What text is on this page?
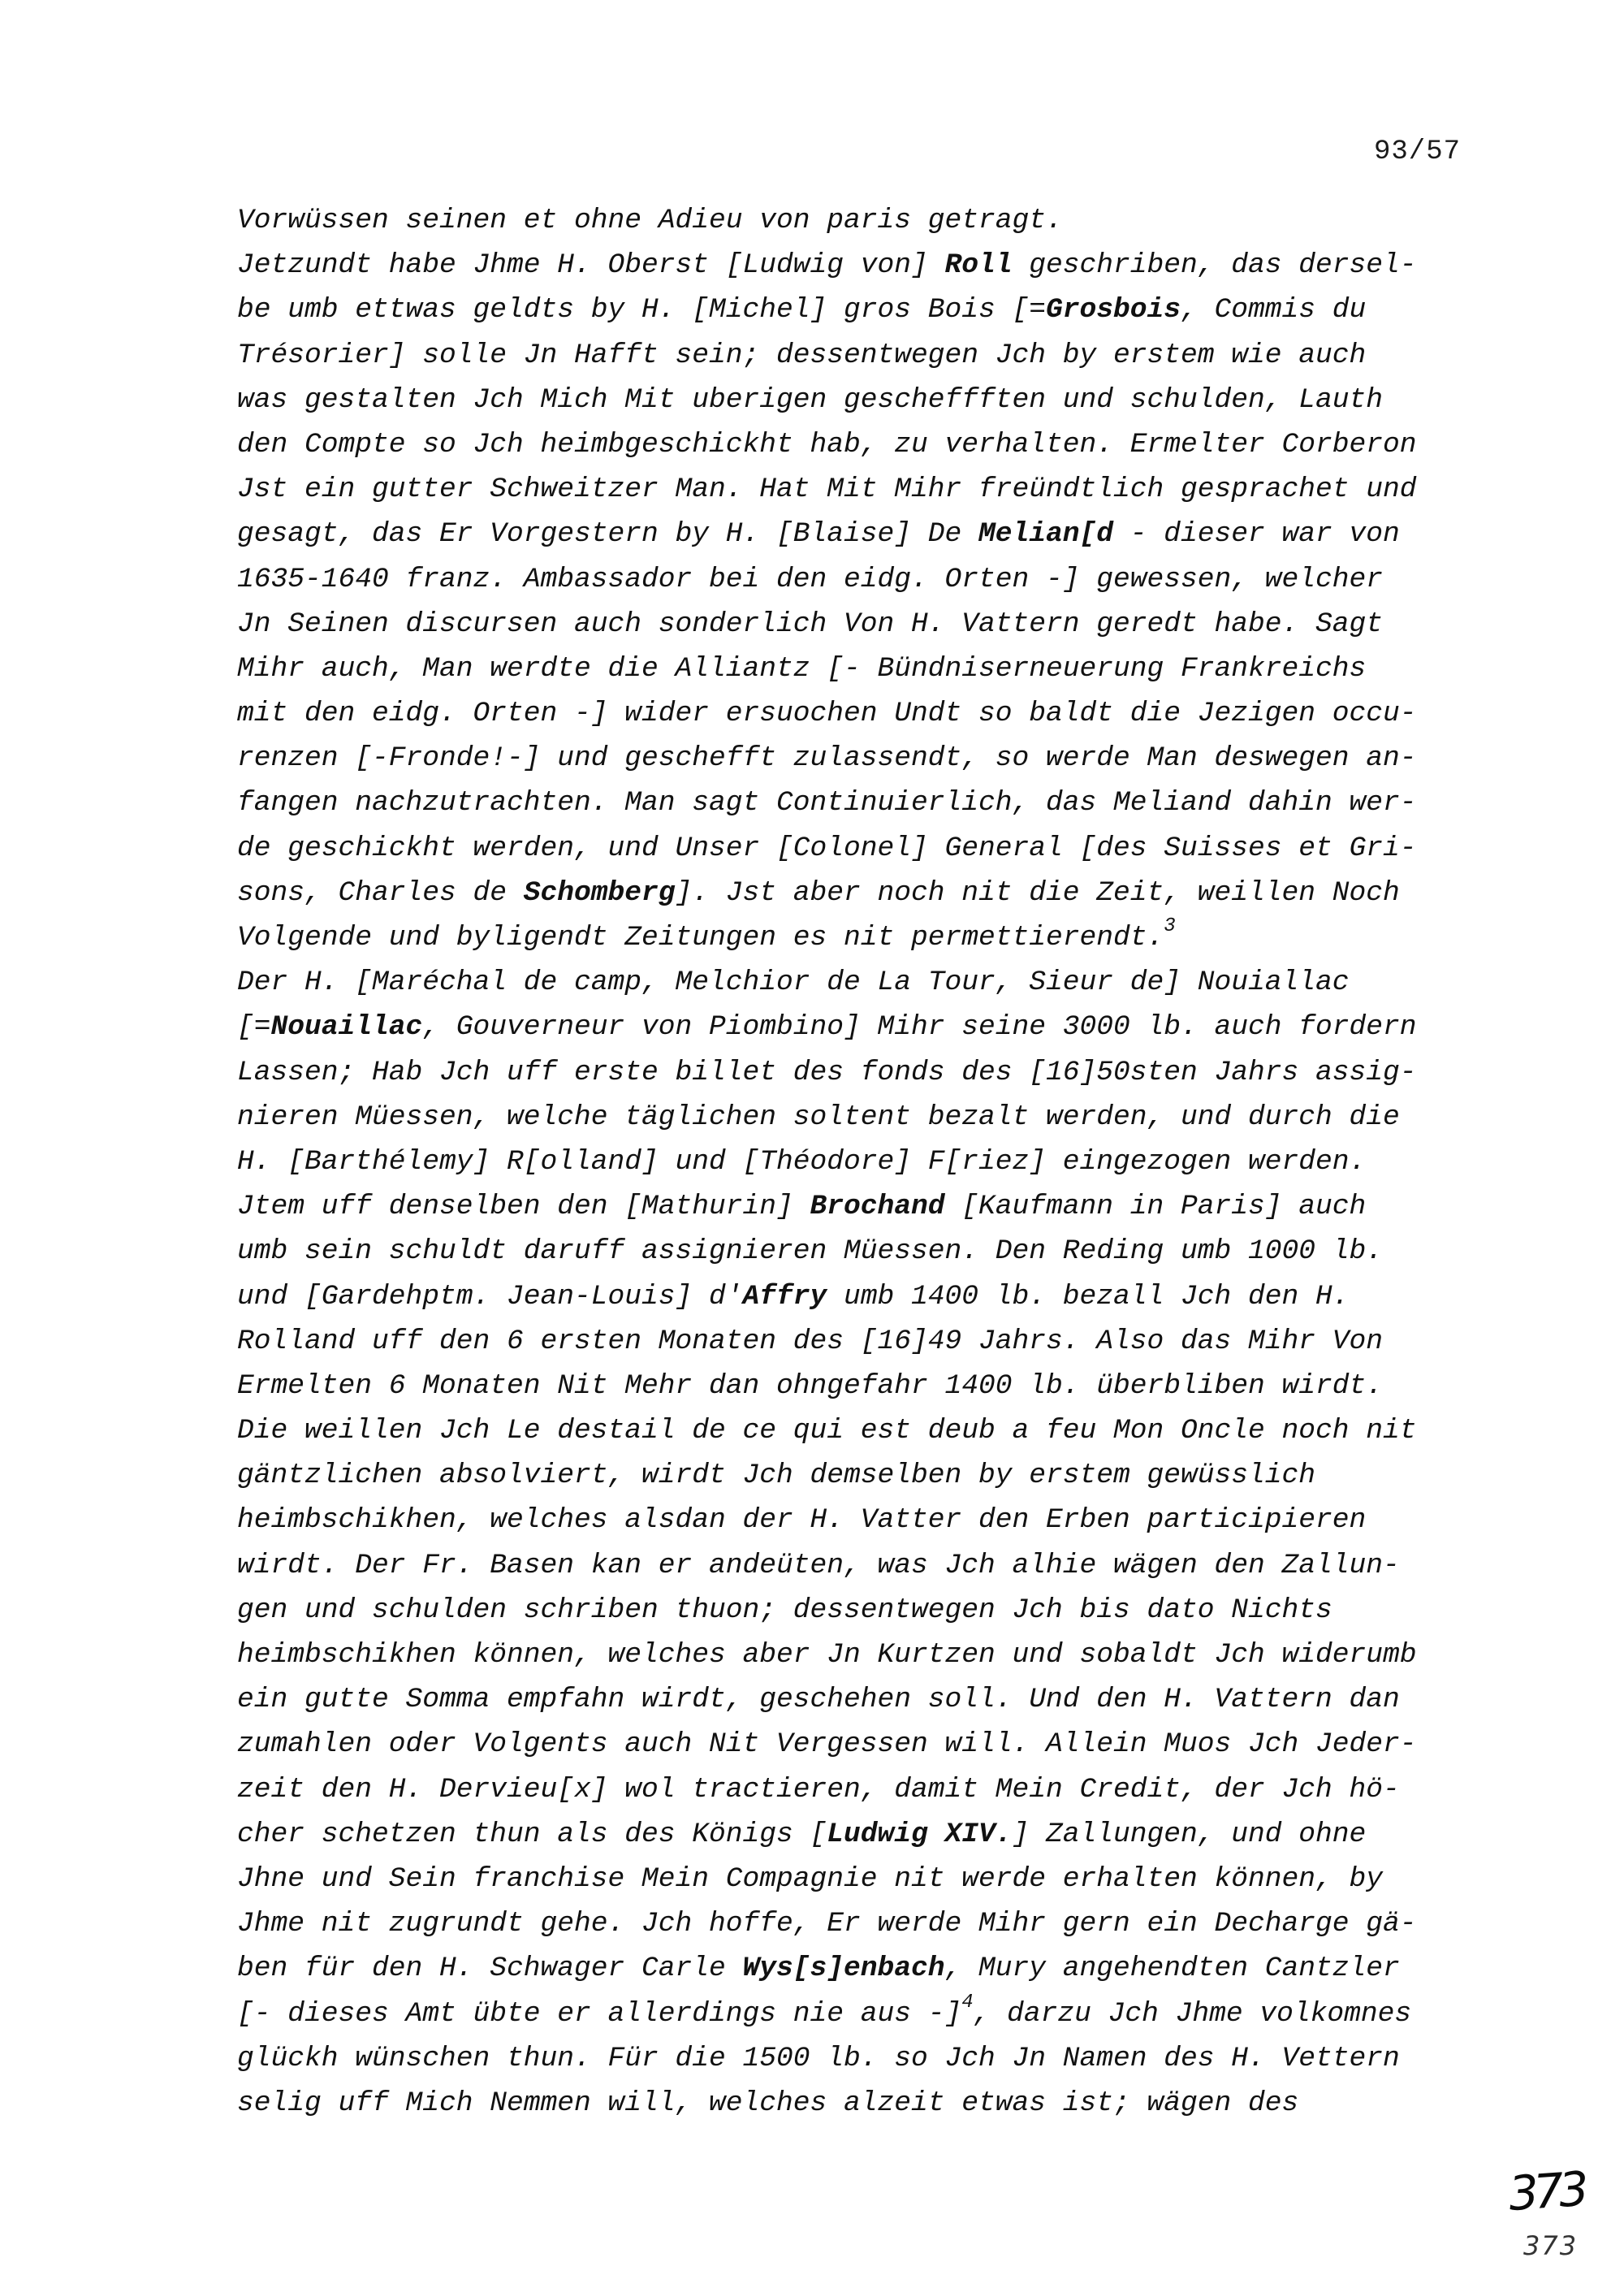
93/57
Vorwüssen seinen et ohne Adieu von paris getragt.
Jetzundt habe Jhme H. Oberst [Ludwig von] Roll geschriben, das dersel-
be umb ettwas geldts by H. [Michel] gros Bois [=Grosbois, Commis du
Trésorier] solle Jn Hafft sein; dessentwegen Jch by erstem wie auch
was gestalten Jch Mich Mit uberigen gescheffften und schulden, Lauth
den Compte so Jch heimbgeschickht hab, zu verhalten. Ermelter Corberon
Jst ein gutter Schweitzer Man. Hat Mit Mihr freündtlich gesprachet und
gesagt, das Er Vorgestern by H. [Blaise] De Melian[d - dieser war von
1635-1640 franz. Ambassador bei den eidg. Orten -] gewessen, welcher
Jn Seinen discursen auch sonderlich Von H. Vattern geredt habe. Sagt
Mihr auch, Man werdte die Alliantz [- Bündniserneuerung Frankreichs
mit den eidg. Orten -] wider ersuochen Undt so baldt die Jezigen occu-
renzen [-Fronde!-] und geschefft zulassendt, so werde Man deswegen an-
fangen nachzutrachten. Man sagt Continuierlich, das Meliand dahin wer-
de geschickht werden, und Unser [Colonel] General [des Suisses et Gri-
sons, Charles de Schomberg]. Jst aber noch nit die Zeit, weillen Noch
Volgende und byligendt Zeitungen es nit permettierendt.$^3$
Der H. [Maréchal de camp, Melchior de La Tour, Sieur de] Nouiallac
[=Nouaillac, Gouverneur von Piombino] Mihr seine 3000 lb. auch fordern
Lassen; Hab Jch uff erste billet des fonds des [16]50sten Jahrs assig-
nieren Müessen, welche täglichen soltent bezalt werden, und durch die
H. [Barthélemy] R[olland] und [Théodore] F[riez] eingezogen werden.
Jtem uff denselben den [Mathurin] Brochand [Kaufmann in Paris] auch
umb sein schuldt daruff assignieren Müessen. Den Reding umb 1000 lb.
und [Gardehptm. Jean-Louis] d'Affry umb 1400 lb. bezall Jch den H.
Rolland uff den 6 ersten Monaten des [16]49 Jahrs. Also das Mihr Von
Ermelten 6 Monaten Nit Mehr dan ohngefahr 1400 lb. überbliben wirdt.
Die weillen Jch Le destail de ce qui est deub a feu Mon Oncle noch nit
gäntzlichen absolviert, wirdt Jch demselben by erstem gewüsslich
heimbschikhen, welches alsdan der H. Vatter den Erben participieren
wirdt. Der Fr. Basen kan er andeüten, was Jch alhie wägen den Zallun-
gen und schulden schriben thuon; dessentwegen Jch bis dato Nichts
heimbschikhen können, welches aber Jn Kurtzen und sobaldt Jch widerumb
ein gutte Somma empfahn wirdt, geschehen soll. Und den H. Vattern dan
zumahlen oder Volgents auch Nit Vergessen will. Allein Muos Jch Jeder-
zeit den H. Dervieu[x] wol tractieren, damit Mein Credit, der Jch hö-
cher schetzen thun als des Königs [Ludwig XIV.] Zallungen, und ohne
Jhne und Sein franchise Mein Compagnie nit werde erhalten können, by
Jhme nit zugrundt gehe. Jch hoffe, Er werde Mihr gern ein Decharge gä-
ben für den H. Schwager Carle Wys[s]enbach, Mury angehendten Cantzler
[- dieses Amt übte er allerdings nie aus -]$^4$, darzu Jch Jhme volkomnes
glückh wünschen thun. Für die 1500 lb. so Jch Jn Namen des H. Vettern
selig uff Mich Nemmen will, welches alzeit etwas ist; wägen des
373
373
